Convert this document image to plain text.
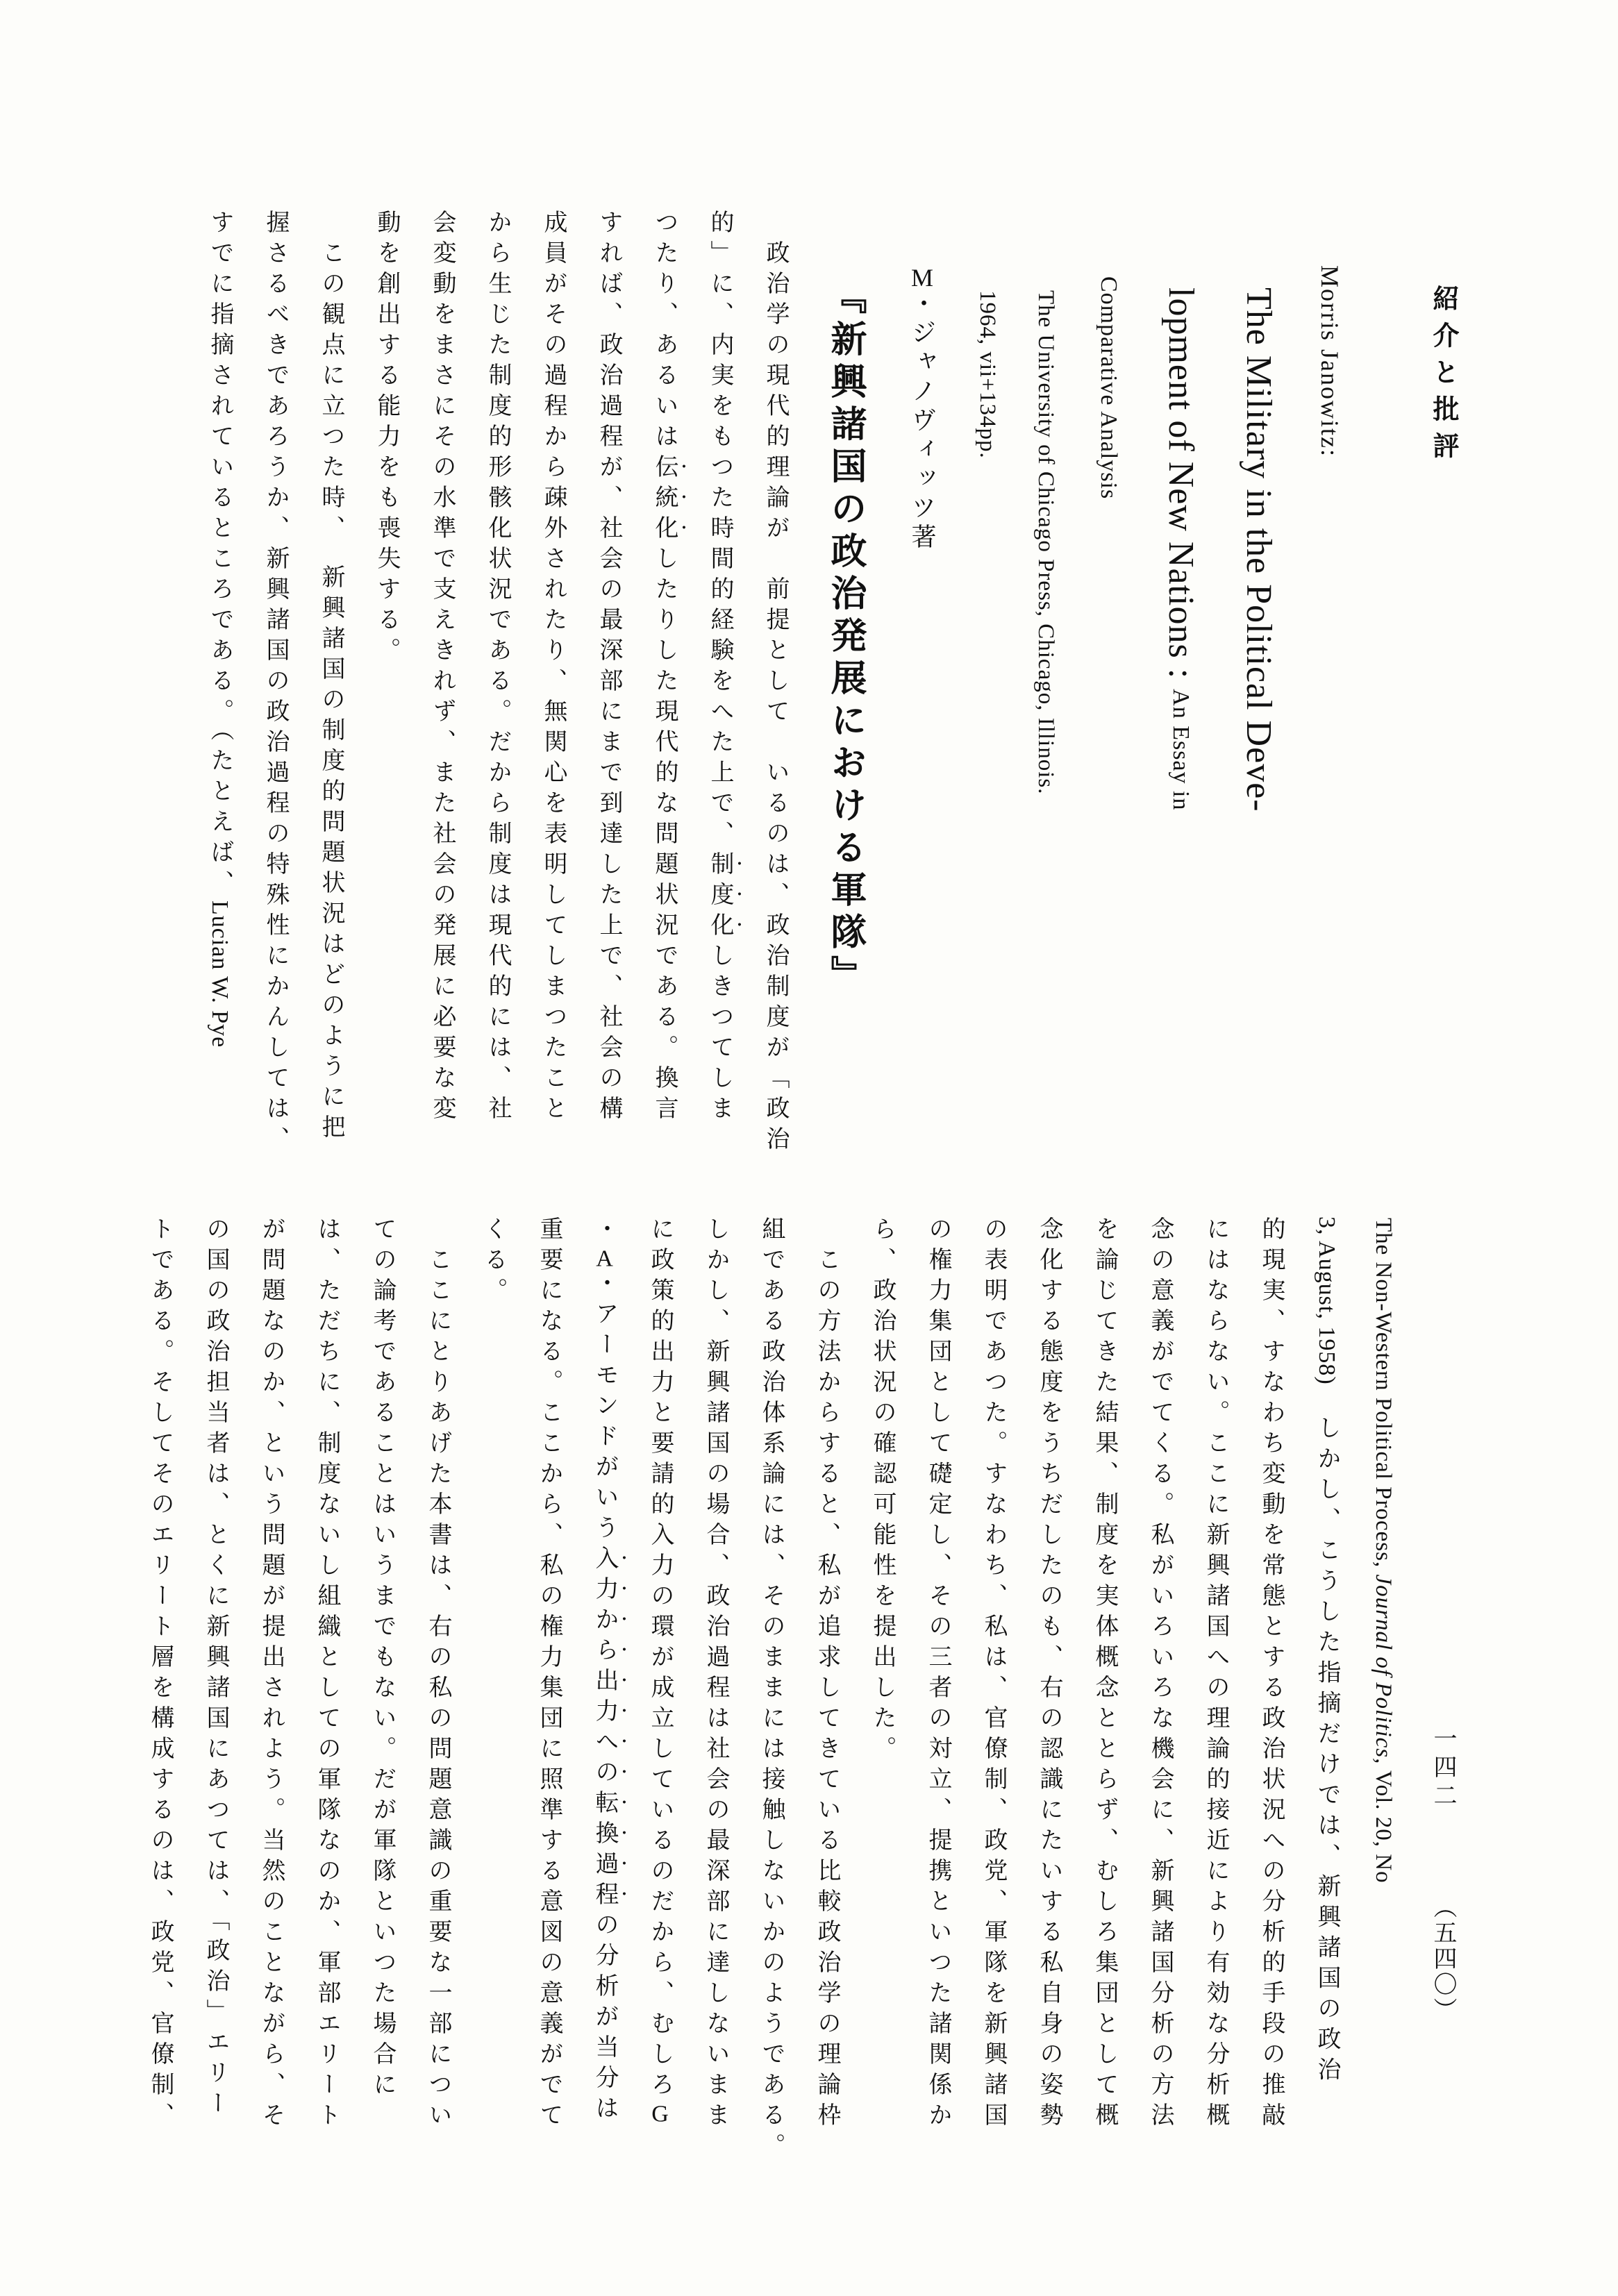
紹介と批評
Morris Janowitz:
The Military in the Political Deve-
lopment of New Nations : An Essay in
Comparative Analysis
The University of Chicago Press, Chicago, Illinois.
1964, vii+134pp.
M・ジャノヴィッツ著
『新興諸国の政治発展における軍隊』
政治学の現代的理論が　前提として　いるのは、政治制度が「政治
的」に、内実をもつた時間的経験をへた上で、制度化しきつてしま
つたり、あるいは伝統化したりした現代的な問題状況である。換言
すれば、政治過程が、社会の最深部にまで到達した上で、社会の構
成員がその過程から疎外されたり、無関心を表明してしまつたこと
から生じた制度的形骸化状況である。だから制度は現代的には、社
会変動をまさにその水準で支えきれず、また社会の発展に必要な変
動を創出する能力をも喪失する。
この観点に立つた時、　新興諸国の制度的問題状況はどのように把
握さるべきであろうか、新興諸国の政治過程の特殊性にかんしては、
すでに指摘されているところである。（たとえば、Lucian W. Pye
The Non-Western Political Process, Journal of Politics, Vol. 20, No
3, August, 1958)　しかし、こうした指摘だけでは、新興諸国の政治
的現実、すなわち変動を常態とする政治状況への分析的手段の推敲
にはならない。ここに新興諸国への理論的接近により有効な分析概
念の意義がでてくる。私がいろいろな機会に、新興諸国分析の方法
を論じてきた結果、制度を実体概念ととらず、むしろ集団として概
念化する態度をうちだしたのも、右の認識にたいする私自身の姿勢
の表明であつた。すなわち、私は、官僚制、政党、軍隊を新興諸国
の権力集団として礎定し、その三者の対立、提携といつた諸関係か
ら、政治状況の確認可能性を提出した。
この方法からすると、私が追求してきている比較政治学の理論枠
組である政治体系論には、そのままには接触しないかのようである。
しかし、新興諸国の場合、政治過程は社会の最深部に達しないまま
に政策的出力と要請的入力の環が成立しているのだから、むしろG
・A・アーモンドがいう入力から出力への転換過程の分析が当分は
重要になる。ここから、私の権力集団に照準する意図の意義がでて
くる。
ここにとりあげた本書は、右の私の問題意識の重要な一部につい
ての論考であることはいうまでもない。だが軍隊といつた場合に
は、ただちに、制度ないし組織としての軍隊なのか、軍部エリート
が問題なのか、という問題が提出されよう。当然のことながら、そ
の国の政治担当者は、とくに新興諸国にあつては、「政治」エリー
トである。そしてそのエリート層を構成するのは、政党、官僚制、	一四二 （五四〇）
